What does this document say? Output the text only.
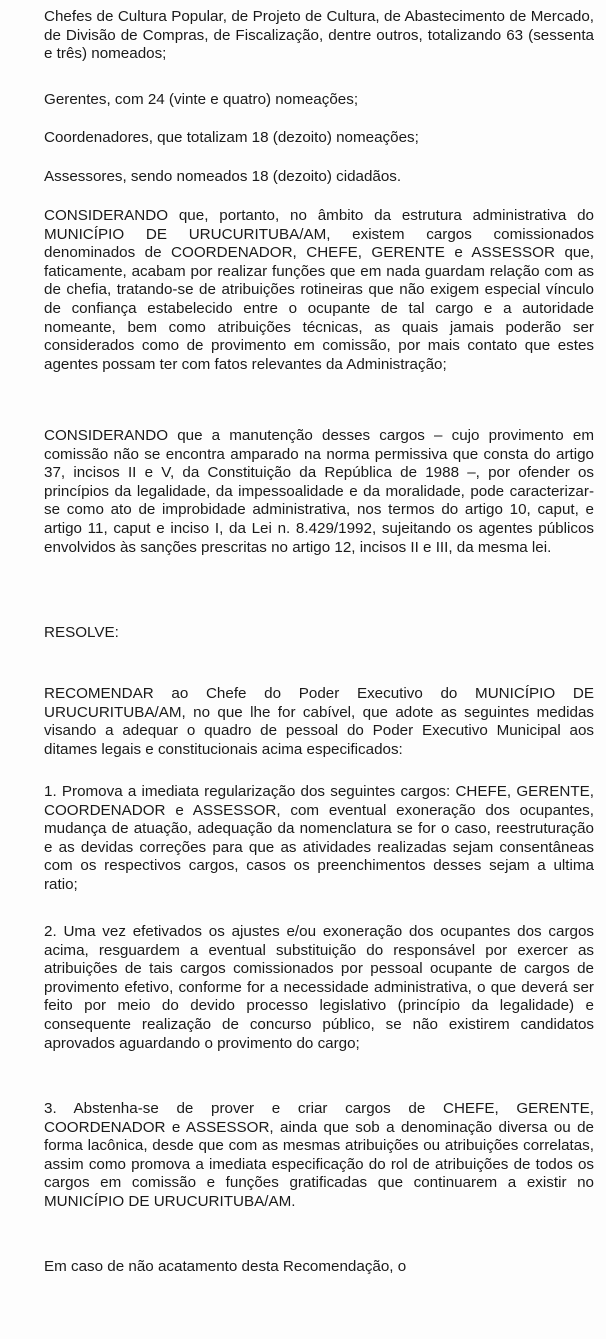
Chefes de Cultura Popular, de Projeto de Cultura, de Abastecimento de Mercado, de Divisão de Compras, de Fiscalização, dentre outros, totalizando 63 (sessenta e três) nomeados;

Gerentes, com 24 (vinte e quatro) nomeações;

Coordenadores, que totalizam 18 (dezoito) nomeações;

Assessores, sendo nomeados 18 (dezoito) cidadãos.

CONSIDERANDO que, portanto, no âmbito da estrutura administrativa do MUNICÍPIO DE URUCURITUBA/AM, existem cargos comissionados denominados de COORDENADOR, CHEFE, GERENTE e ASSESSOR que, faticamente, acabam por realizar funções que em nada guardam relação com as de chefia, tratando-se de atribuições rotineiras que não exigem especial vínculo de confiança estabelecido entre o ocupante de tal cargo e a autoridade nomeante, bem como atribuições técnicas, as quais jamais poderão ser considerados como de provimento em comissão, por mais contato que estes agentes possam ter com fatos relevantes da Administração;

CONSIDERANDO que a manutenção desses cargos – cujo provimento em comissão não se encontra amparado na norma permissiva que consta do artigo 37, incisos II e V, da Constituição da República de 1988 –, por ofender os princípios da legalidade, da impessoalidade e da moralidade, pode caracterizar-se como ato de improbidade administrativa, nos termos do artigo 10, caput, e artigo 11, caput e inciso I, da Lei n. 8.429/1992, sujeitando os agentes públicos envolvidos às sanções prescritas no artigo 12, incisos II e III, da mesma lei.

RESOLVE:

RECOMENDAR ao Chefe do Poder Executivo do MUNICÍPIO DE URUCURITUBA/AM, no que lhe for cabível, que adote as seguintes medidas visando a adequar o quadro de pessoal do Poder Executivo Municipal aos ditames legais e constitucionais acima especificados:

1. Promova a imediata regularização dos seguintes cargos: CHEFE, GERENTE, COORDENADOR e ASSESSOR, com eventual exoneração dos ocupantes, mudança de atuação, adequação da nomenclatura se for o caso, reestruturação e as devidas correções para que as atividades realizadas sejam consentâneas com os respectivos cargos, casos os preenchimentos desses sejam a ultima ratio;

2. Uma vez efetivados os ajustes e/ou exoneração dos ocupantes dos cargos acima, resguardem a eventual substituição do responsável por exercer as atribuições de tais cargos comissionados por pessoal ocupante de cargos de provimento efetivo, conforme for a necessidade administrativa, o que deverá ser feito por meio do devido processo legislativo (princípio da legalidade) e consequente realização de concurso público, se não existirem candidatos aprovados aguardando o provimento do cargo;

3. Abstenha-se de prover e criar cargos de CHEFE, GERENTE, COORDENADOR e ASSESSOR, ainda que sob a denominação diversa ou de forma lacônica, desde que com as mesmas atribuições ou atribuições correlatas, assim como promova a imediata especificação do rol de atribuições de todos os cargos em comissão e funções gratificadas que continuarem a existir no MUNICÍPIO DE URUCURITUBA/AM.

Em caso de não acatamento desta Recomendação, o
